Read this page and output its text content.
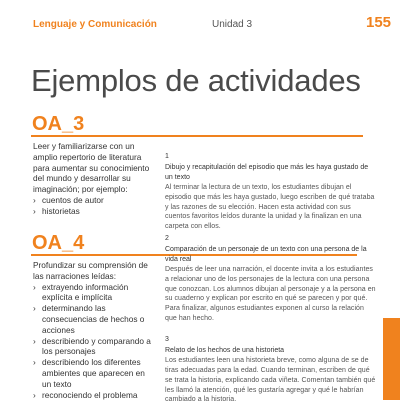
Lenguaje y Comunicación	Unidad 3	155
Ejemplos de actividades
OA_3

Leer y familiarizarse con un amplio repertorio de literatura para aumentar su conocimiento del mundo y desarrollar su imaginación; por ejemplo:

› cuentos de autor
› historietas
OA_4

Profundizar su comprensión de las narraciones leídas:

› extrayendo información explícita e implícita
› determinando las consecuencias de hechos o acciones
› describiendo y comparando a los personajes
› describiendo los diferentes ambientes que aparecen en un texto
› reconociendo el problema
1
Dibujo y recapitulación del episodio que más les haya gustado de un texto
Al terminar la lectura de un texto, los estudiantes dibujan el episodio que más les haya gustado, luego escriben de qué trataba y las razones de su elección. Hacen esta actividad con sus cuentos favoritos leídos durante la unidad y la finalizan en una carpeta con ellos.
2
Comparación de un personaje de un texto con una persona de la vida real
Después de leer una narración, el docente invita a los estudiantes a relacionar uno de los personajes de la lectura con una persona que conozcan. Los alumnos dibujan al personaje y a la persona en su cuaderno y explican por escrito en qué se parecen y por qué. Para finalizar, algunos estudiantes exponen al curso la relación que han hecho.
3
Relato de los hechos de una historieta
Los estudiantes leen una historieta breve, como alguna de se de tiras adecuadas para la edad. Cuando terminan, escriben de qué se trata la historia, explicando cada viñeta. Comentan también qué les llamó la atención, qué les gustaría agregar y qué le habrían cambiado a la historia.
